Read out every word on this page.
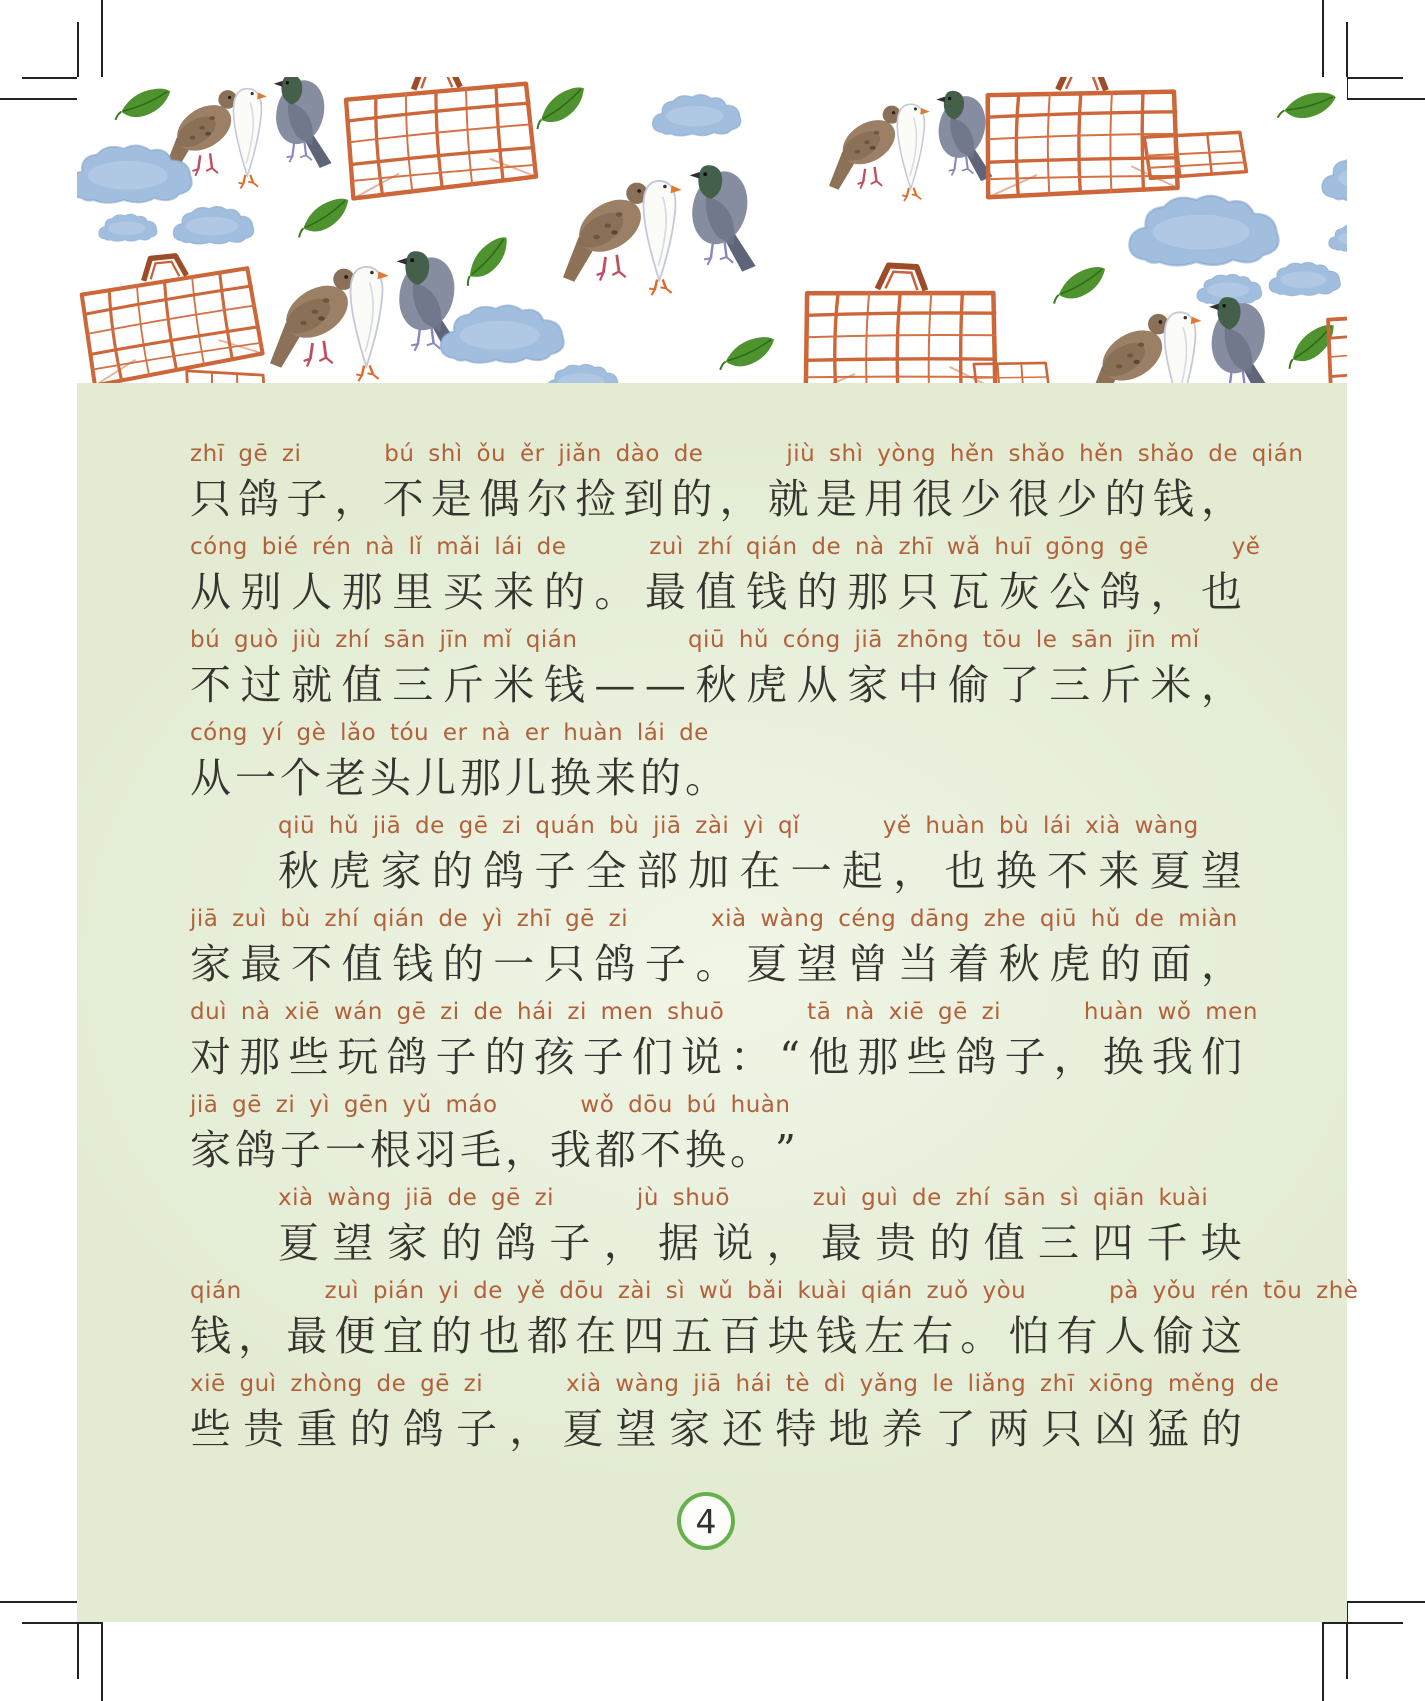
zhī gē zi      bú shì ǒu ěr jiǎn dào de      jiù shì yòng hěn shǎo hěn shǎo de qián
只 鸽 子 ， 不 是 偶 尔 捡 到 的 ， 就 是 用 很 少 很 少 的 钱 ，
cóng bié rén nà lǐ mǎi lái de      zuì zhí qián de nà zhī wǎ huī gōng gē      yě
从 别 人 那 里 买 来 的 。 最 值 钱 的 那 只 瓦 灰 公 鸽 ， 也
bú guò jiù zhí sān jīn mǐ qián        qiū hǔ cóng jiā zhōng tōu le sān jīn mǐ
不 过 就 值 三 斤 米 钱 — — 秋 虎 从 家 中 偷 了 三 斤 米 ，
cóng yí gè lǎo tóu er nà er huàn lái de
从 一 个 老 头 儿 那 儿 换 来 的 。
qiū hǔ jiā de gē zi quán bù jiā zài yì qǐ      yě huàn bù lái xià wàng
秋 虎 家 的 鸽 子 全 部 加 在 一 起 ， 也 换 不 来 夏 望
jiā zuì bù zhí qián de yì zhī gē zi      xià wàng céng dāng zhe qiū hǔ de miàn
家 最 不 值 钱 的 一 只 鸽 子 。 夏 望 曾 当 着 秋 虎 的 面 ，
duì nà xiē wán gē zi de hái zi men shuō      tā nà xiē gē zi      huàn wǒ men
对 那 些 玩 鸽 子 的 孩 子 们 说 ： “ 他 那 些 鸽 子 ， 换 我 们
jiā gē zi yì gēn yǔ máo      wǒ dōu bú huàn
家 鸽 子 一 根 羽 毛 ， 我 都 不 换 。 ”
xià wàng jiā de gē zi      jù shuō      zuì guì de zhí sān sì qiān kuài
夏 望 家 的 鸽 子 ， 据 说 ， 最 贵 的 值 三 四 千 块
qián      zuì pián yi de yě dōu zài sì wǔ bǎi kuài qián zuǒ yòu      pà yǒu rén tōu zhè
钱 ， 最 便 宜 的 也 都 在 四 五 百 块 钱 左 右 。 怕 有 人 偷 这
xiē guì zhòng de gē zi      xià wàng jiā hái tè dì yǎng le liǎng zhī xiōng měng de
些 贵 重 的 鸽 子 ， 夏 望 家 还 特 地 养 了 两 只 凶 猛 的
4
